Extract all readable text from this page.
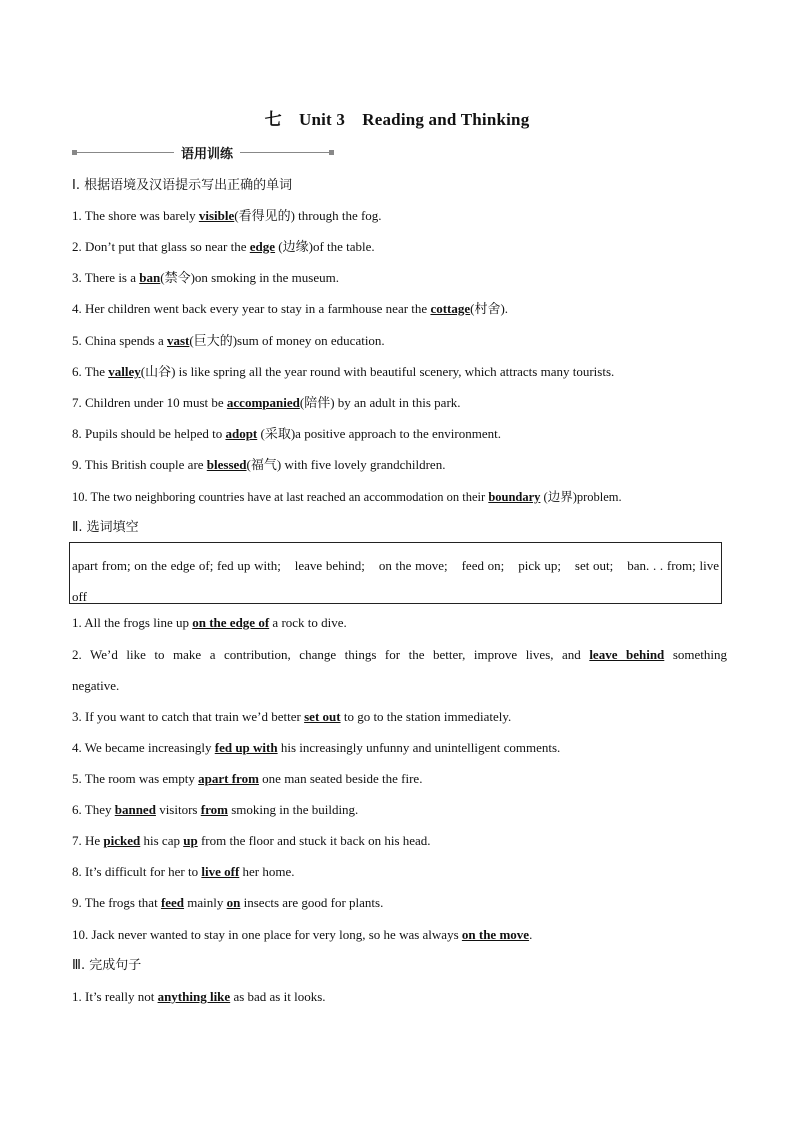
七　Unit 3　Reading and Thinking
语用训练
Ⅰ. 根据语境及汉语提示写出正确的单词
1. The shore was barely visible(看得见的) through the fog.
2. Don’t put that glass so near the edge (边缘)of the table.
3. There is a ban(禁令)on smoking in the museum.
4. Her children went back every year to stay in a farmhouse near the cottage(村舍).
5. China spends a vast(巨大的)sum of money on education.
6. The valley(山谷) is like spring all the year round with beautiful scenery, which attracts many tourists.
7. Children under 10 must be accompanied(陪伴) by an adult in this park.
8. Pupils should be helped to adopt (采取)a positive approach to the environment.
9. This British couple are blessed(福气) with five lovely grandchildren.
10. The two neighboring countries have at last reached an accommodation on their boundary (边界)problem.
Ⅱ. 选词填空
apart from; on the edge of; fed up with;　leave behind;　on the move;　feed on;　pick up;　set out;　ban. . . from; live off
1. All the frogs line up on the edge of a rock to dive.
2. We’d like to make a contribution, change things for the better, improve lives, and leave behind something
negative.
3. If you want to catch that train we’d better set out to go to the station immediately.
4. We became increasingly fed up with his increasingly unfunny and unintelligent comments.
5. The room was empty apart from one man seated beside the fire.
6. They banned visitors from smoking in the building.
7. He picked his cap up from the floor and stuck it back on his head.
8. It’s difficult for her to live off her home.
9. The frogs that feed mainly on insects are good for plants.
10. Jack never wanted to stay in one place for very long, so he was always on the move.
Ⅲ. 完成句子
1. It’s really not anything like as bad as it looks.
